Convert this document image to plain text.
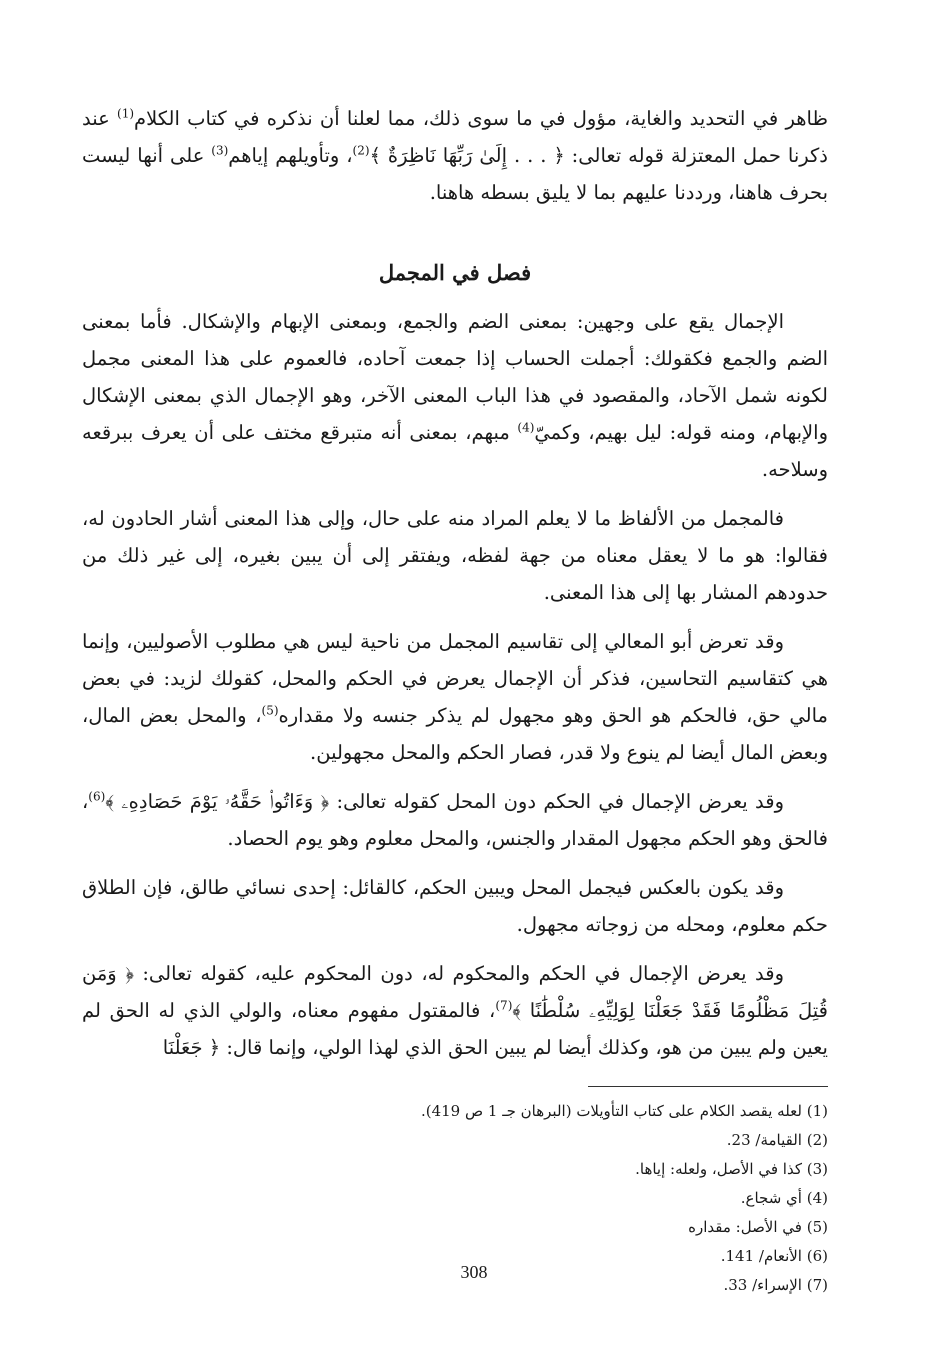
ظاهر في التحديد والغاية، مؤول في ما سوى ذلك، مما لعلنا أن نذكره في كتاب الكلام$^{(1)}$ عند ذكرنا حمل المعتزلة قوله تعالى: ﴿ . . . إِلَىٰ رَبِّهَا نَاظِرَةٌ ﴾$^{(2)}$، وتأويلهم إياهم$^{(3)}$ على أنها ليست بحرف هاهنا، ورددنا عليهم بما لا يليق بسطه هاهنا.

فصل في المجمل

الإجمال يقع على وجهين: بمعنى الضم والجمع، وبمعنى الإبهام والإشكال. فأما بمعنى الضم والجمع فكقولك: أجملت الحساب إذا جمعت آحاده، فالعموم على هذا المعنى مجمل لكونه شمل الآحاد، والمقصود في هذا الباب المعنى الآخر، وهو الإجمال الذي بمعنى الإشكال والإبهام، ومنه قوله: ليل بهيم، وكميّ$^{(4)}$ مبهم، بمعنى أنه متبرقع مختف على أن يعرف ببرقعه وسلاحه.

فالمجمل من الألفاظ ما لا يعلم المراد منه على حال، وإلى هذا المعنى أشار الحادون له، فقالوا: هو ما لا يعقل معناه من جهة لفظه، ويفتقر إلى أن يبين بغيره، إلى غير ذلك من حدودهم المشار بها إلى هذا المعنى.

وقد تعرض أبو المعالي إلى تقاسيم المجمل من ناحية ليس هي مطلوب الأصوليين، وإنما هي كتقاسيم التحاسين، فذكر أن الإجمال يعرض في الحكم والمحل، كقولك لزيد: في بعض مالي حق، فالحكم هو الحق وهو مجهول لم يذكر جنسه ولا مقداره$^{(5)}$، والمحل بعض المال، وبعض المال أيضا لم ينوع ولا قدر، فصار الحكم والمحل مجهولين.

وقد يعرض الإجمال في الحكم دون المحل كقوله تعالى: ﴿ وَءَاتُوا۟ حَقَّهُۥ يَوْمَ حَصَادِهِۦ ﴾$^{(6)}$، فالحق وهو الحكم مجهول المقدار والجنس، والمحل معلوم وهو يوم الحصاد.

وقد يكون بالعكس فيجمل المحل ويبين الحكم، كالقائل: إحدى نسائي طالق، فإن الطلاق حكم معلوم، ومحله من زوجاته مجهول.

وقد يعرض الإجمال في الحكم والمحكوم له، دون المحكوم عليه، كقوله تعالى: ﴿ وَمَن قُتِلَ مَظْلُومًا فَقَدْ جَعَلْنَا لِوَلِيِّهِۦ سُلْطَٰنًا ﴾$^{(7)}$، فالمقتول مفهوم معناه، والولي الذي له الحق لم يعين ولم يبين من هو، وكذلك أيضا لم يبين الحق الذي لهذا الولي، وإنما قال: ﴿ جَعَلْنَا

(1) لعله يقصد الكلام على كتاب التأويلات (البرهان جـ 1 ص 419).
(2) القيامة/ 23.
(3) كذا في الأصل، ولعله: إياها.
(4) أي شجاع.
(5) في الأصل: مقداره
(6) الأنعام/ 141.
(7) الإسراء/ 33.
308
